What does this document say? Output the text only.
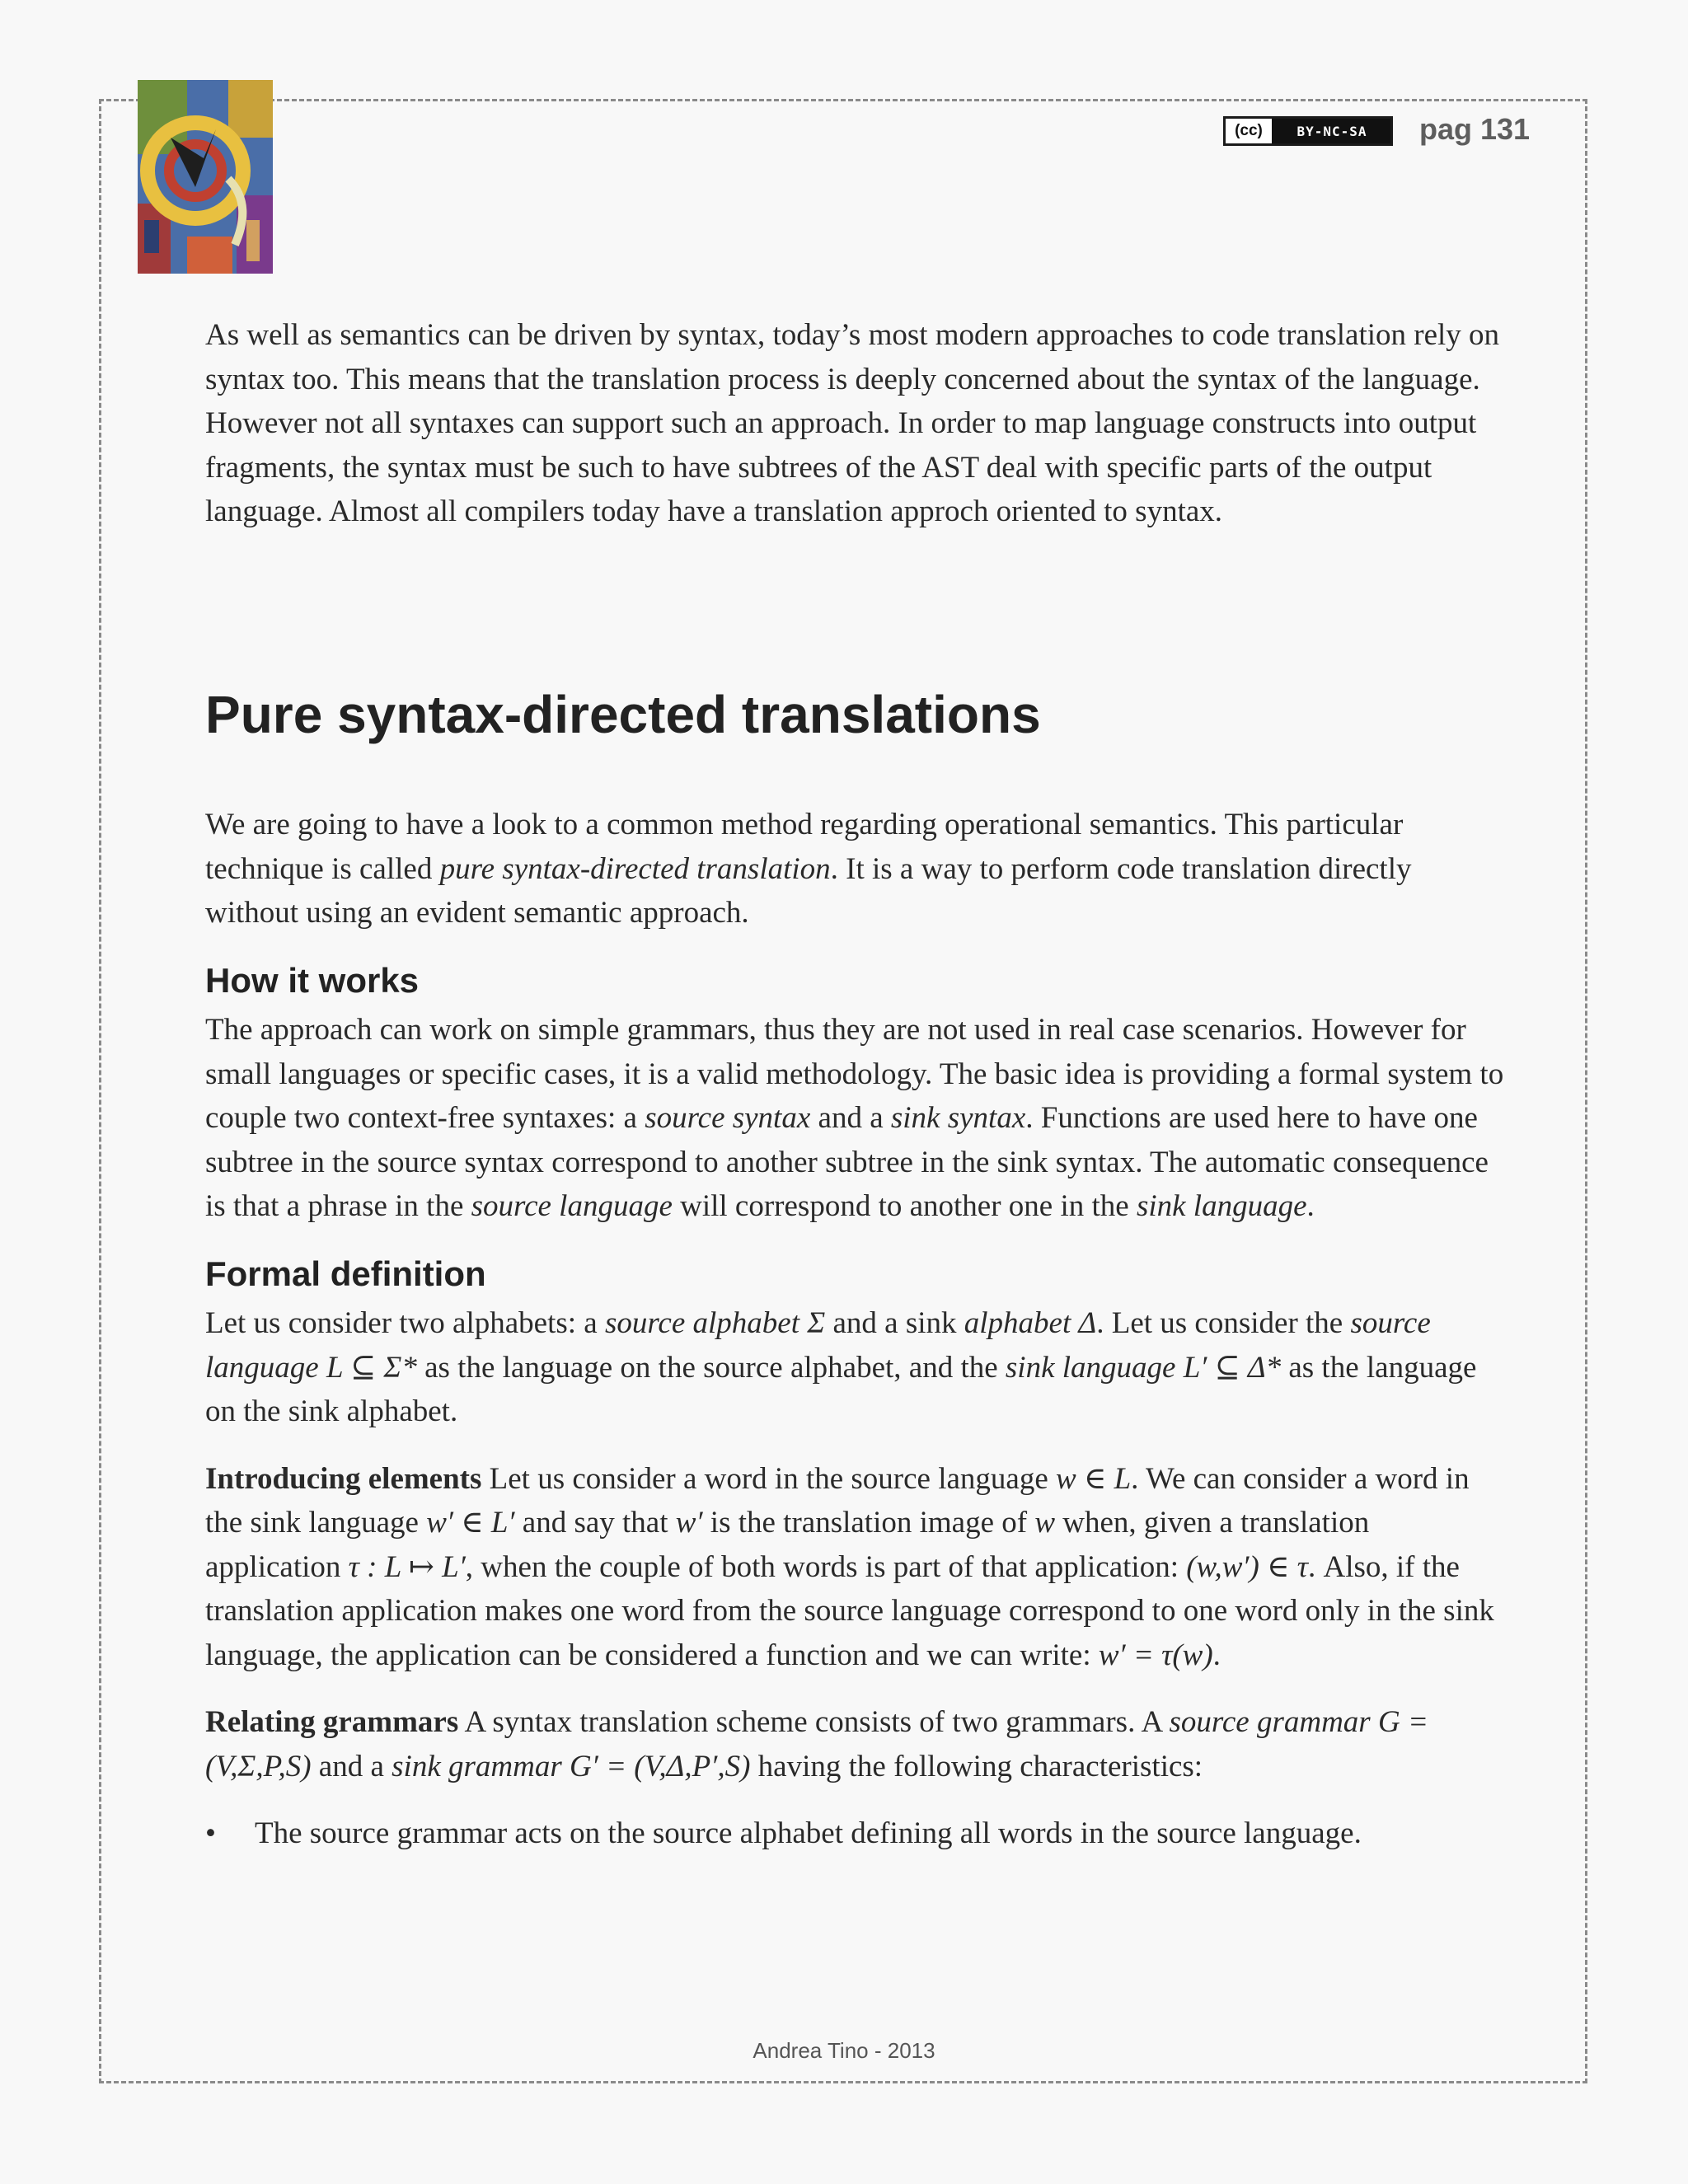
(cc)	BY-NC-SA	pag 131

As well as semantics can be driven by syntax, today’s most modern approaches to code translation rely on syntax too. This means that the translation process is deeply concerned about the syntax of the language. However not all syntaxes can support such an approach. In order to map language constructs into output fragments, the syntax must be such to have subtrees of the AST deal with specific parts of the output language. Almost all compilers today have a translation approch oriented to syntax.

Pure syntax-directed translations

We are going to have a look to a common method regarding operational semantics. This particular technique is called pure syntax-directed translation. It is a way to perform code translation directly without using an evident semantic approach.

How it works

The approach can work on simple grammars, thus they are not used in real case scenarios. However for small languages or specific cases, it is a valid methodology. The basic idea is providing a formal system to couple two context-free syntaxes: a source syntax and a sink syntax. Functions are used here to have one subtree in the source syntax correspond to another subtree in the sink syntax. The automatic consequence is that a phrase in the source language will correspond to another one in the sink language.

Formal definition

Let us consider two alphabets: a source alphabet Σ and a sink alphabet Δ. Let us consider the source language L ⊆ Σ* as the language on the source alphabet, and the sink language L′ ⊆ Δ* as the language on the sink alphabet.

Introducing elements Let us consider a word in the source language w ∈ L. We can consider a word in the sink language w′ ∈ L′ and say that w′ is the translation image of w when, given a translation application τ : L ↦ L′, when the couple of both words is part of that application: (w,w′) ∈ τ. Also, if the translation application makes one word from the source language correspond to one word only in the sink language, the application can be considered a function and we can write: w′ = τ(w).

Relating grammars A syntax translation scheme consists of two grammars. A source grammar G = (V,Σ,P,S) and a sink grammar G′ = (V,Δ,P′,S) having the following characteristics:

• The source grammar acts on the source alphabet defining all words in the source language.
Andrea Tino - 2013
